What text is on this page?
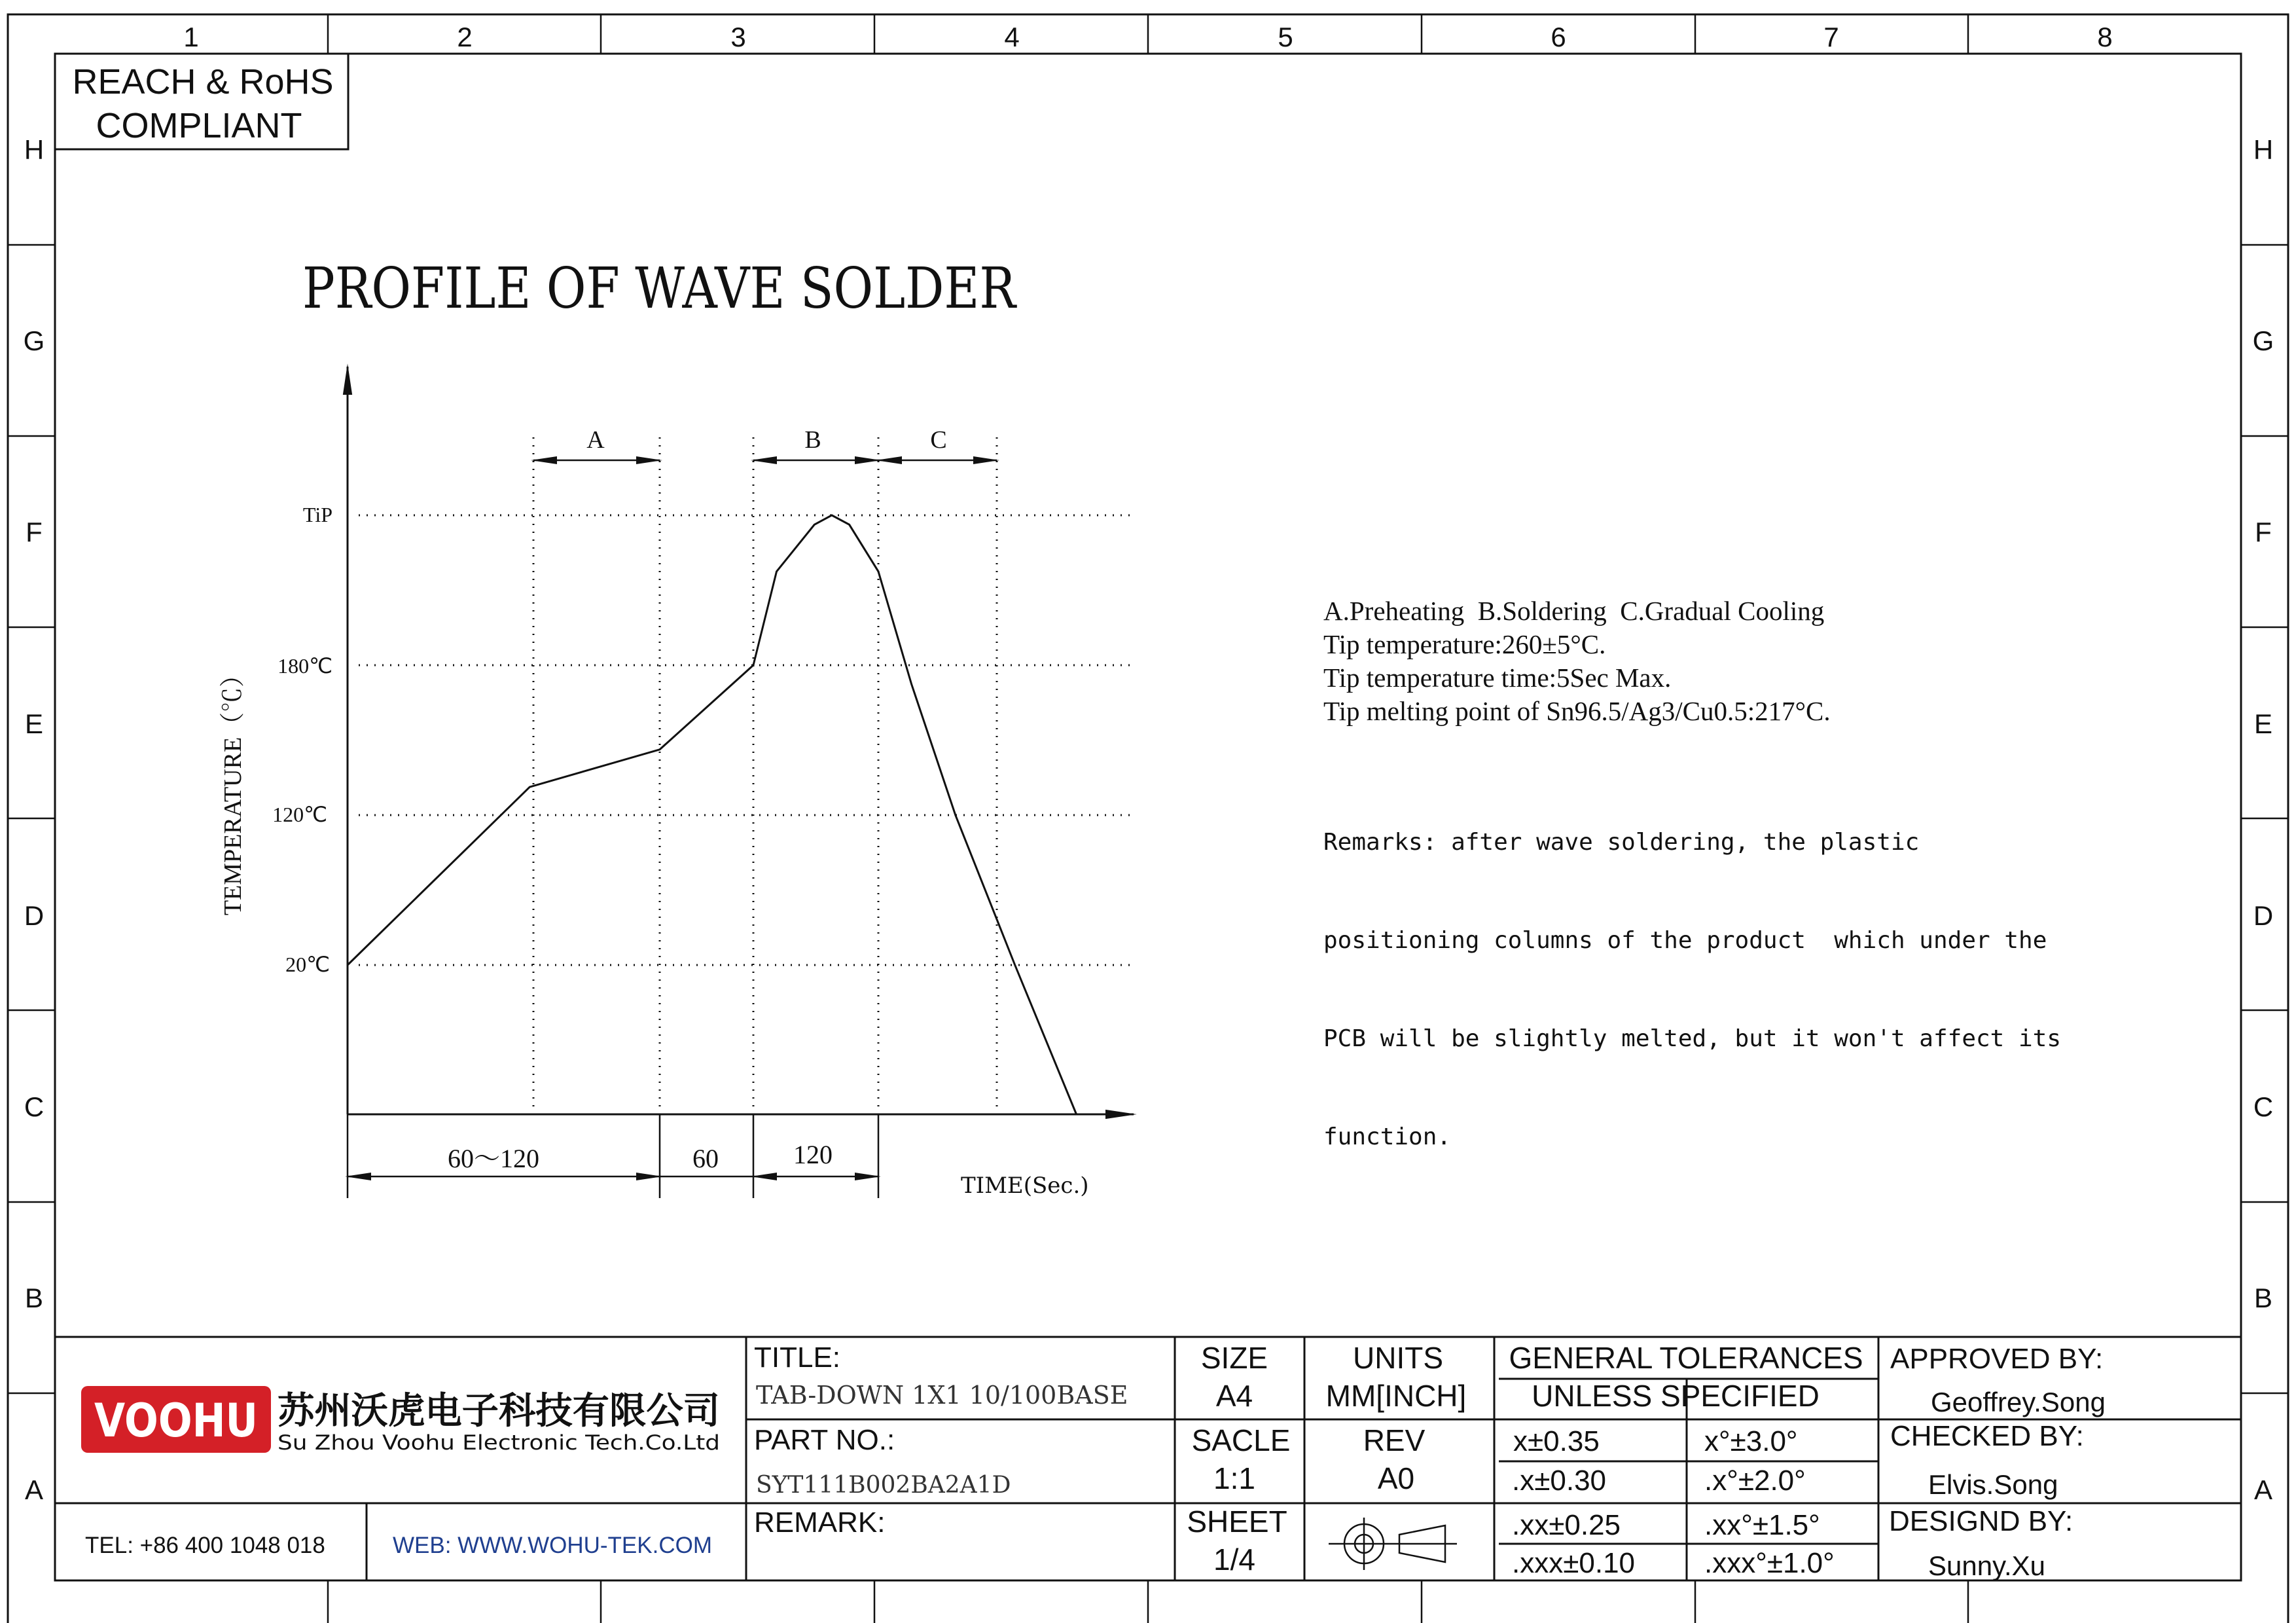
1	2	3	4	5	6	7	8
H
G
F
E
D
C
B
A
H
G
F
E
D
C
B
A
REACH & RoHS
COMPLIANT
PROFILE OF WAVE SOLDER
A	B	C
TiP
180℃
120℃
20℃
TEMPERATURE（℃）
60～120	60	120
TIME(Sec.)
VOOHU 苏州沃虎电子科技有限公司
Su Zhou Voohu Electronic Tech.Co.Ltd
TEL: +86 400 1048 018	WEB: WWW.WOHU-TEK.COM
TITLE:
TAB-DOWN 1X1 10/100BASE
PART NO.:
SYT111B002BA2A1D
REMARK:
SIZE
A4
SACLE
1:1
SHEET
1/4
UNITS
MM[INCH]
REV
A0
GENERAL TOLERANCES
UNLESS SPECIFIED
x±0.35	x°±3.0°
.x±0.30	.x°±2.0°
.xx±0.25	.xx°±1.5°
.xxx±0.10 .xxx°±1.0°
APPROVED BY:
Geoffrey.Song
CHECKED BY:
Elvis.Song
DESIGND BY:
Sunny.Xu
A.Preheating  B.Soldering  C.Gradual Cooling
Tip temperature:260±5°C.
Tip temperature time:5Sec Max.
Tip melting point of Sn96.5/Ag3/Cu0.5:217°C.

Remarks: after wave soldering, the plastic

positioning columns of the product  which under the

PCB will be slightly melted, but it won't affect its

function.
